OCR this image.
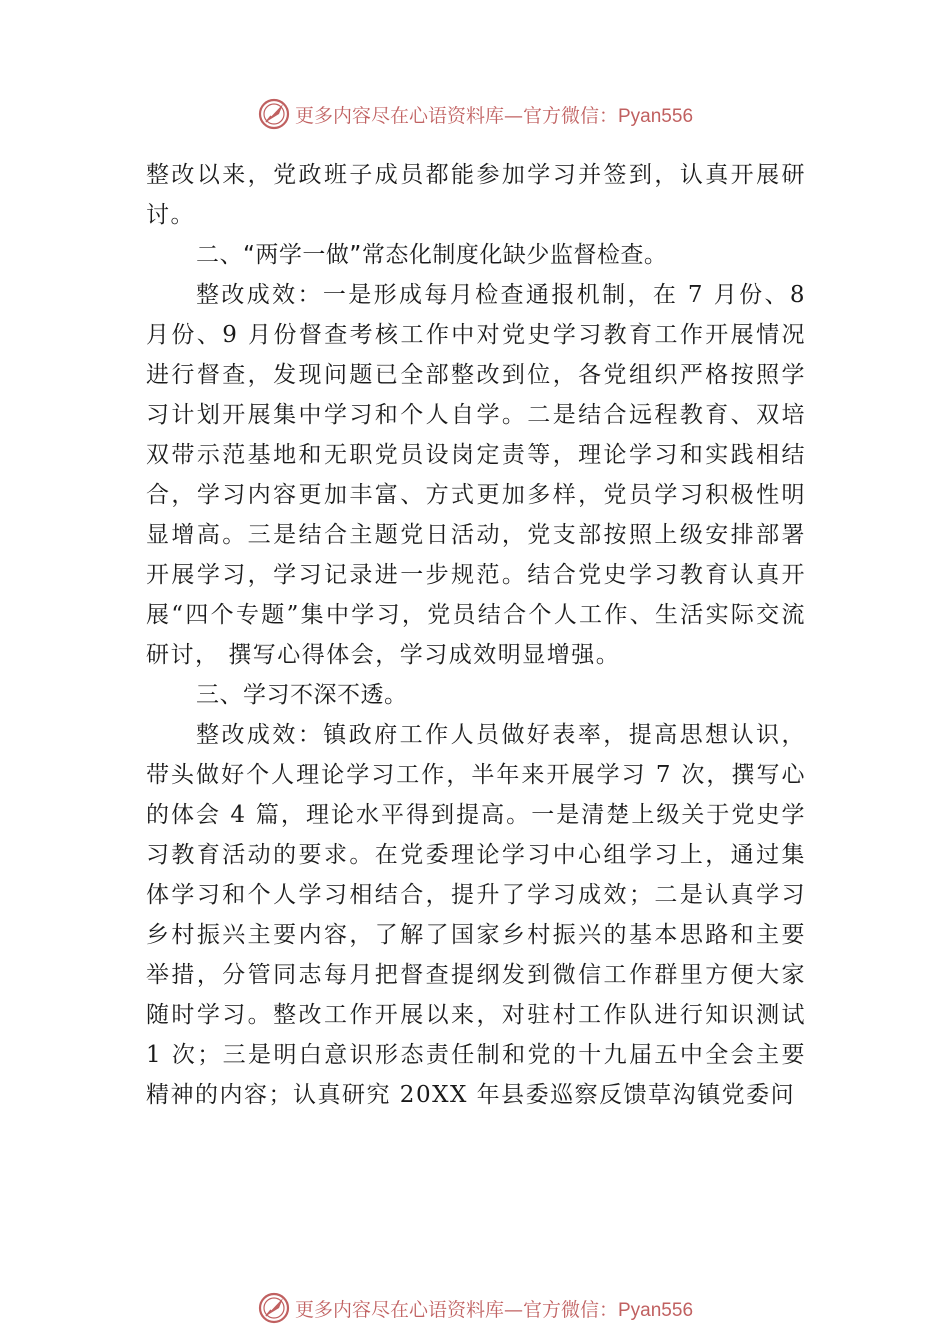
更多内容尽在心语资料库—官方微信：Pyan556

整改以来，党政班子成员都能参加学习并签到，认真开展研讨。

二、“两学一做”常态化制度化缺少监督检查。

整改成效：一是形成每月检查通报机制，在 7 月份、8 月份、9 月份督查考核工作中对党史学习教育工作开展情况进行督查，发现问题已全部整改到位，各党组织严格按照学习计划开展集中学习和个人自学。二是结合远程教育、双培双带示范基地和无职党员设岗定责等，理论学习和实践相结合，学习内容更加丰富、方式更加多样，党员学习积极性明显增高。三是结合主题党日活动，党支部按照上级安排部署开展学习，学习记录进一步规范。结合党史学习教育认真开展“四个专题”集中学习，党员结合个人工作、生活实际交流研讨， 撰写心得体会，学习成效明显增强。

三、学习不深不透。

整改成效：镇政府工作人员做好表率，提高思想认识，带头做好个人理论学习工作，半年来开展学习 7 次，撰写心的体会 4 篇，理论水平得到提高。一是清楚上级关于党史学习教育活动的要求。在党委理论学习中心组学习上，通过集体学习和个人学习相结合，提升了学习成效；二是认真学习乡村振兴主要内容，了解了国家乡村振兴的基本思路和主要举措，分管同志每月把督查提纲发到微信工作群里方便大家随时学习。整改工作开展以来，对驻村工作队进行知识测试 1 次；三是明白意识形态责任制和党的十九届五中全会主要精神的内容；认真研究 20XX 年县委巡察反馈草沟镇党委问

更多内容尽在心语资料库—官方微信：Pyan556
